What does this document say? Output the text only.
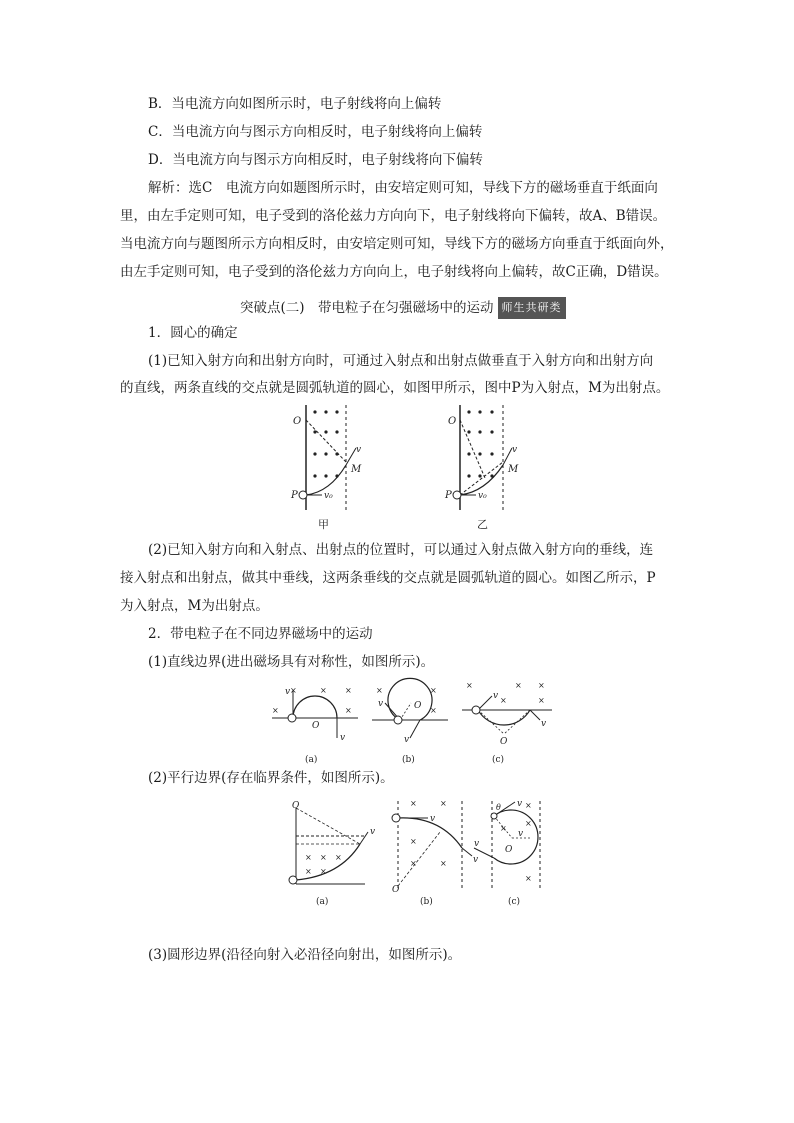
B．当电流方向如图所示时，电子射线将向上偏转
C．当电流方向与图示方向相反时，电子射线将向上偏转
D．当电流方向与图示方向相反时，电子射线将向下偏转
解析：选C　电流方向如题图所示时，由安培定则可知，导线下方的磁场垂直于纸面向
里，由左手定则可知，电子受到的洛伦兹力方向向下，电子射线将向下偏转，故A、B错误。
当电流方向与题图所示方向相反时，由安培定则可知，导线下方的磁场方向垂直于纸面向外，
由左手定则可知，电子受到的洛伦兹力方向向上，电子射线将向上偏转，故C正确，D错误。
突破点(二)　带电粒子在匀强磁场中的运动 师生共研类
1．圆心的确定
(1)已知入射方向和出射方向时，可通过入射点和出射点做垂直于入射方向和出射方向
的直线，两条直线的交点就是圆弧轨道的圆心，如图甲所示，图中P为入射点，M为出射点。
O
P
M
v
v₀
甲
O
P
M
v
v₀
乙
(2)已知入射方向和入射点、出射点的位置时，可以通过入射点做入射方向的垂线，连
接入射点和出射点，做其中垂线，这两条垂线的交点就是圆弧轨道的圆心。如图乙所示，P
为入射点，M为出射点。
2．带电粒子在不同边界磁场中的运动
(1)直线边界(进出磁场具有对称性，如图所示)。
×	× ×
×	×
O
v
v
(a)
×	×
×
O
v
v
(b)
×	× ×
×	×
O
v
v
(c)
(2)平行边界(存在临界条件，如图所示)。
× × ×
× ×
O
v
(a)
×	×
×
×	×
v
v
O
(b)
×
×
×
×
θ v
v
O
v
(c)
(3)圆形边界(沿径向射入必沿径向射出，如图所示)。
